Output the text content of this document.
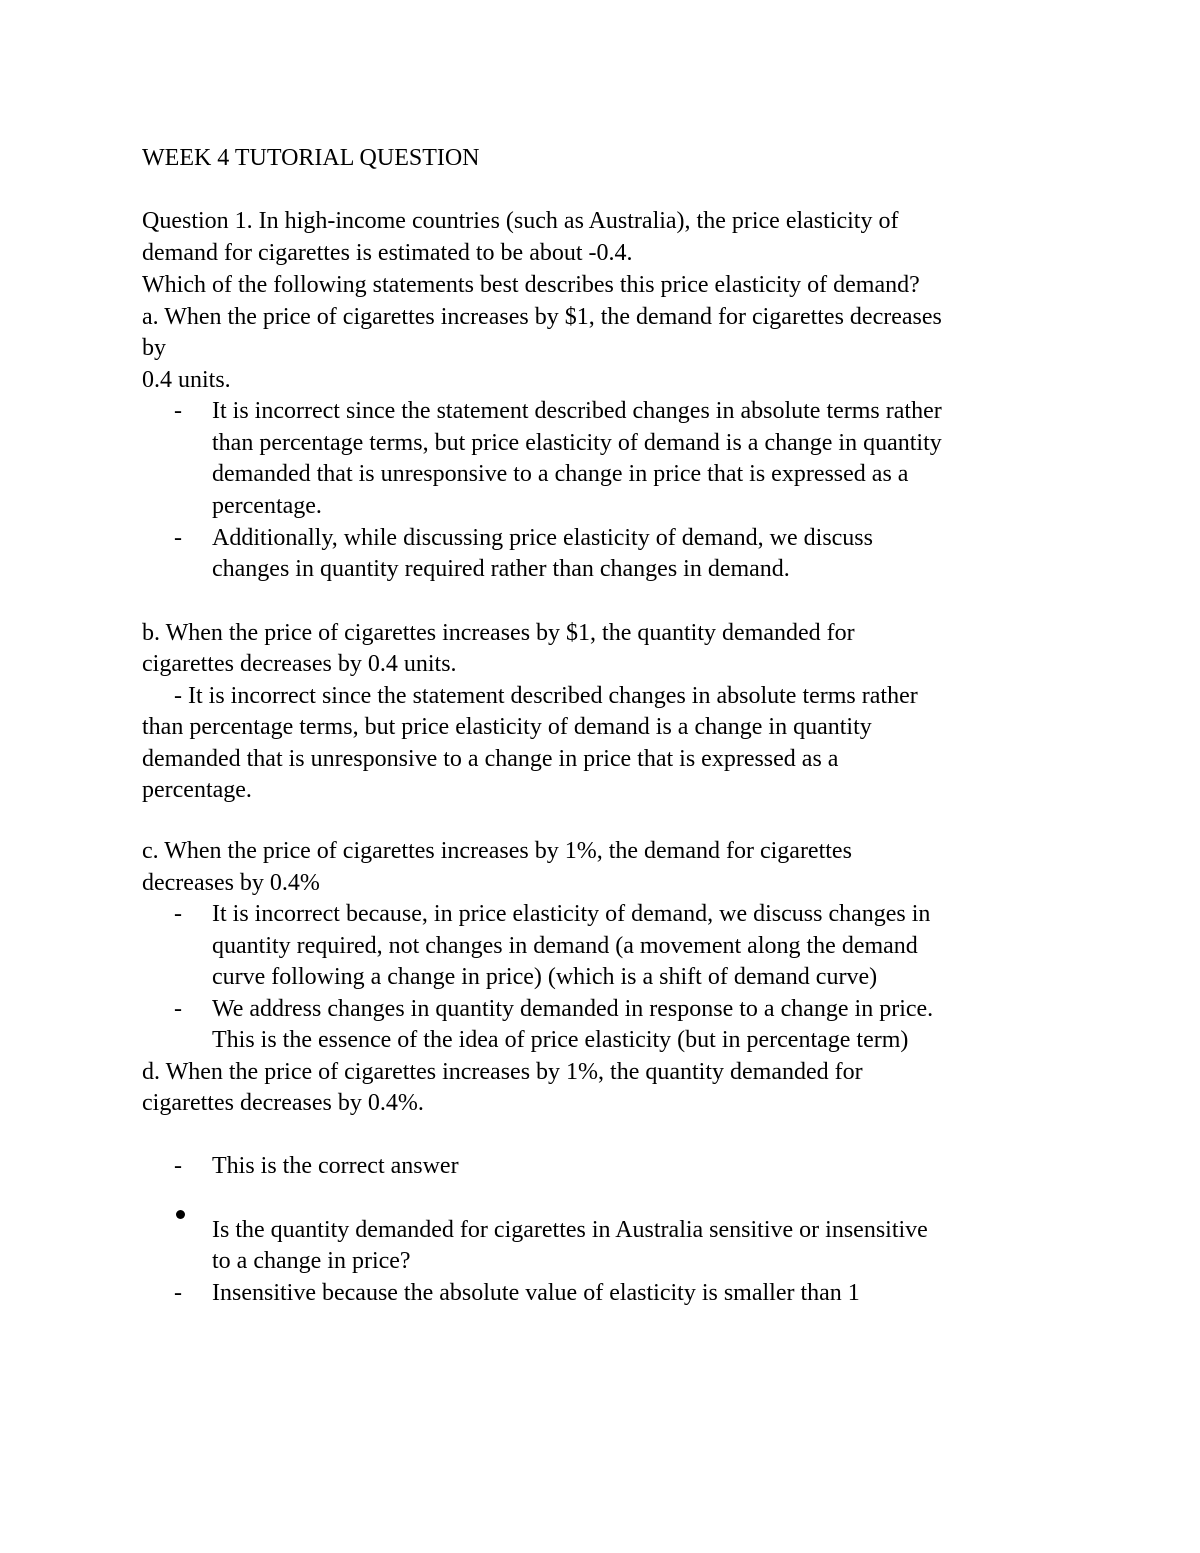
WEEK 4 TUTORIAL QUESTION
Question 1. In high-income countries (such as Australia), the price elasticity of
demand for cigarettes is estimated to be about -0.4.
Which of the following statements best describes this price elasticity of demand?
a. When the price of cigarettes increases by $1, the demand for cigarettes decreases
by
0.4 units.
-	It is incorrect since the statement described changes in absolute terms rather
than percentage terms, but price elasticity of demand is a change in quantity
demanded that is unresponsive to a change in price that is expressed as a
percentage.
-	Additionally, while discussing price elasticity of demand, we discuss
changes in quantity required rather than changes in demand.
b. When the price of cigarettes increases by $1, the quantity demanded for
cigarettes decreases by 0.4 units.
- It is incorrect since the statement described changes in absolute terms rather
than percentage terms, but price elasticity of demand is a change in quantity
demanded that is unresponsive to a change in price that is expressed as a
percentage.
c. When the price of cigarettes increases by 1%, the demand for cigarettes
decreases by 0.4%
-	It is incorrect because, in price elasticity of demand, we discuss changes in
quantity required, not changes in demand (a movement along the demand
curve following a change in price) (which is a shift of demand curve)
-	We address changes in quantity demanded in response to a change in price.
This is the essence of the idea of price elasticity (but in percentage term)
d. When the price of cigarettes increases by 1%, the quantity demanded for
cigarettes decreases by 0.4%.
-	This is the correct answer
Is the quantity demanded for cigarettes in Australia sensitive or insensitive
to a change in price?
-	Insensitive because the absolute value of elasticity is smaller than 1
